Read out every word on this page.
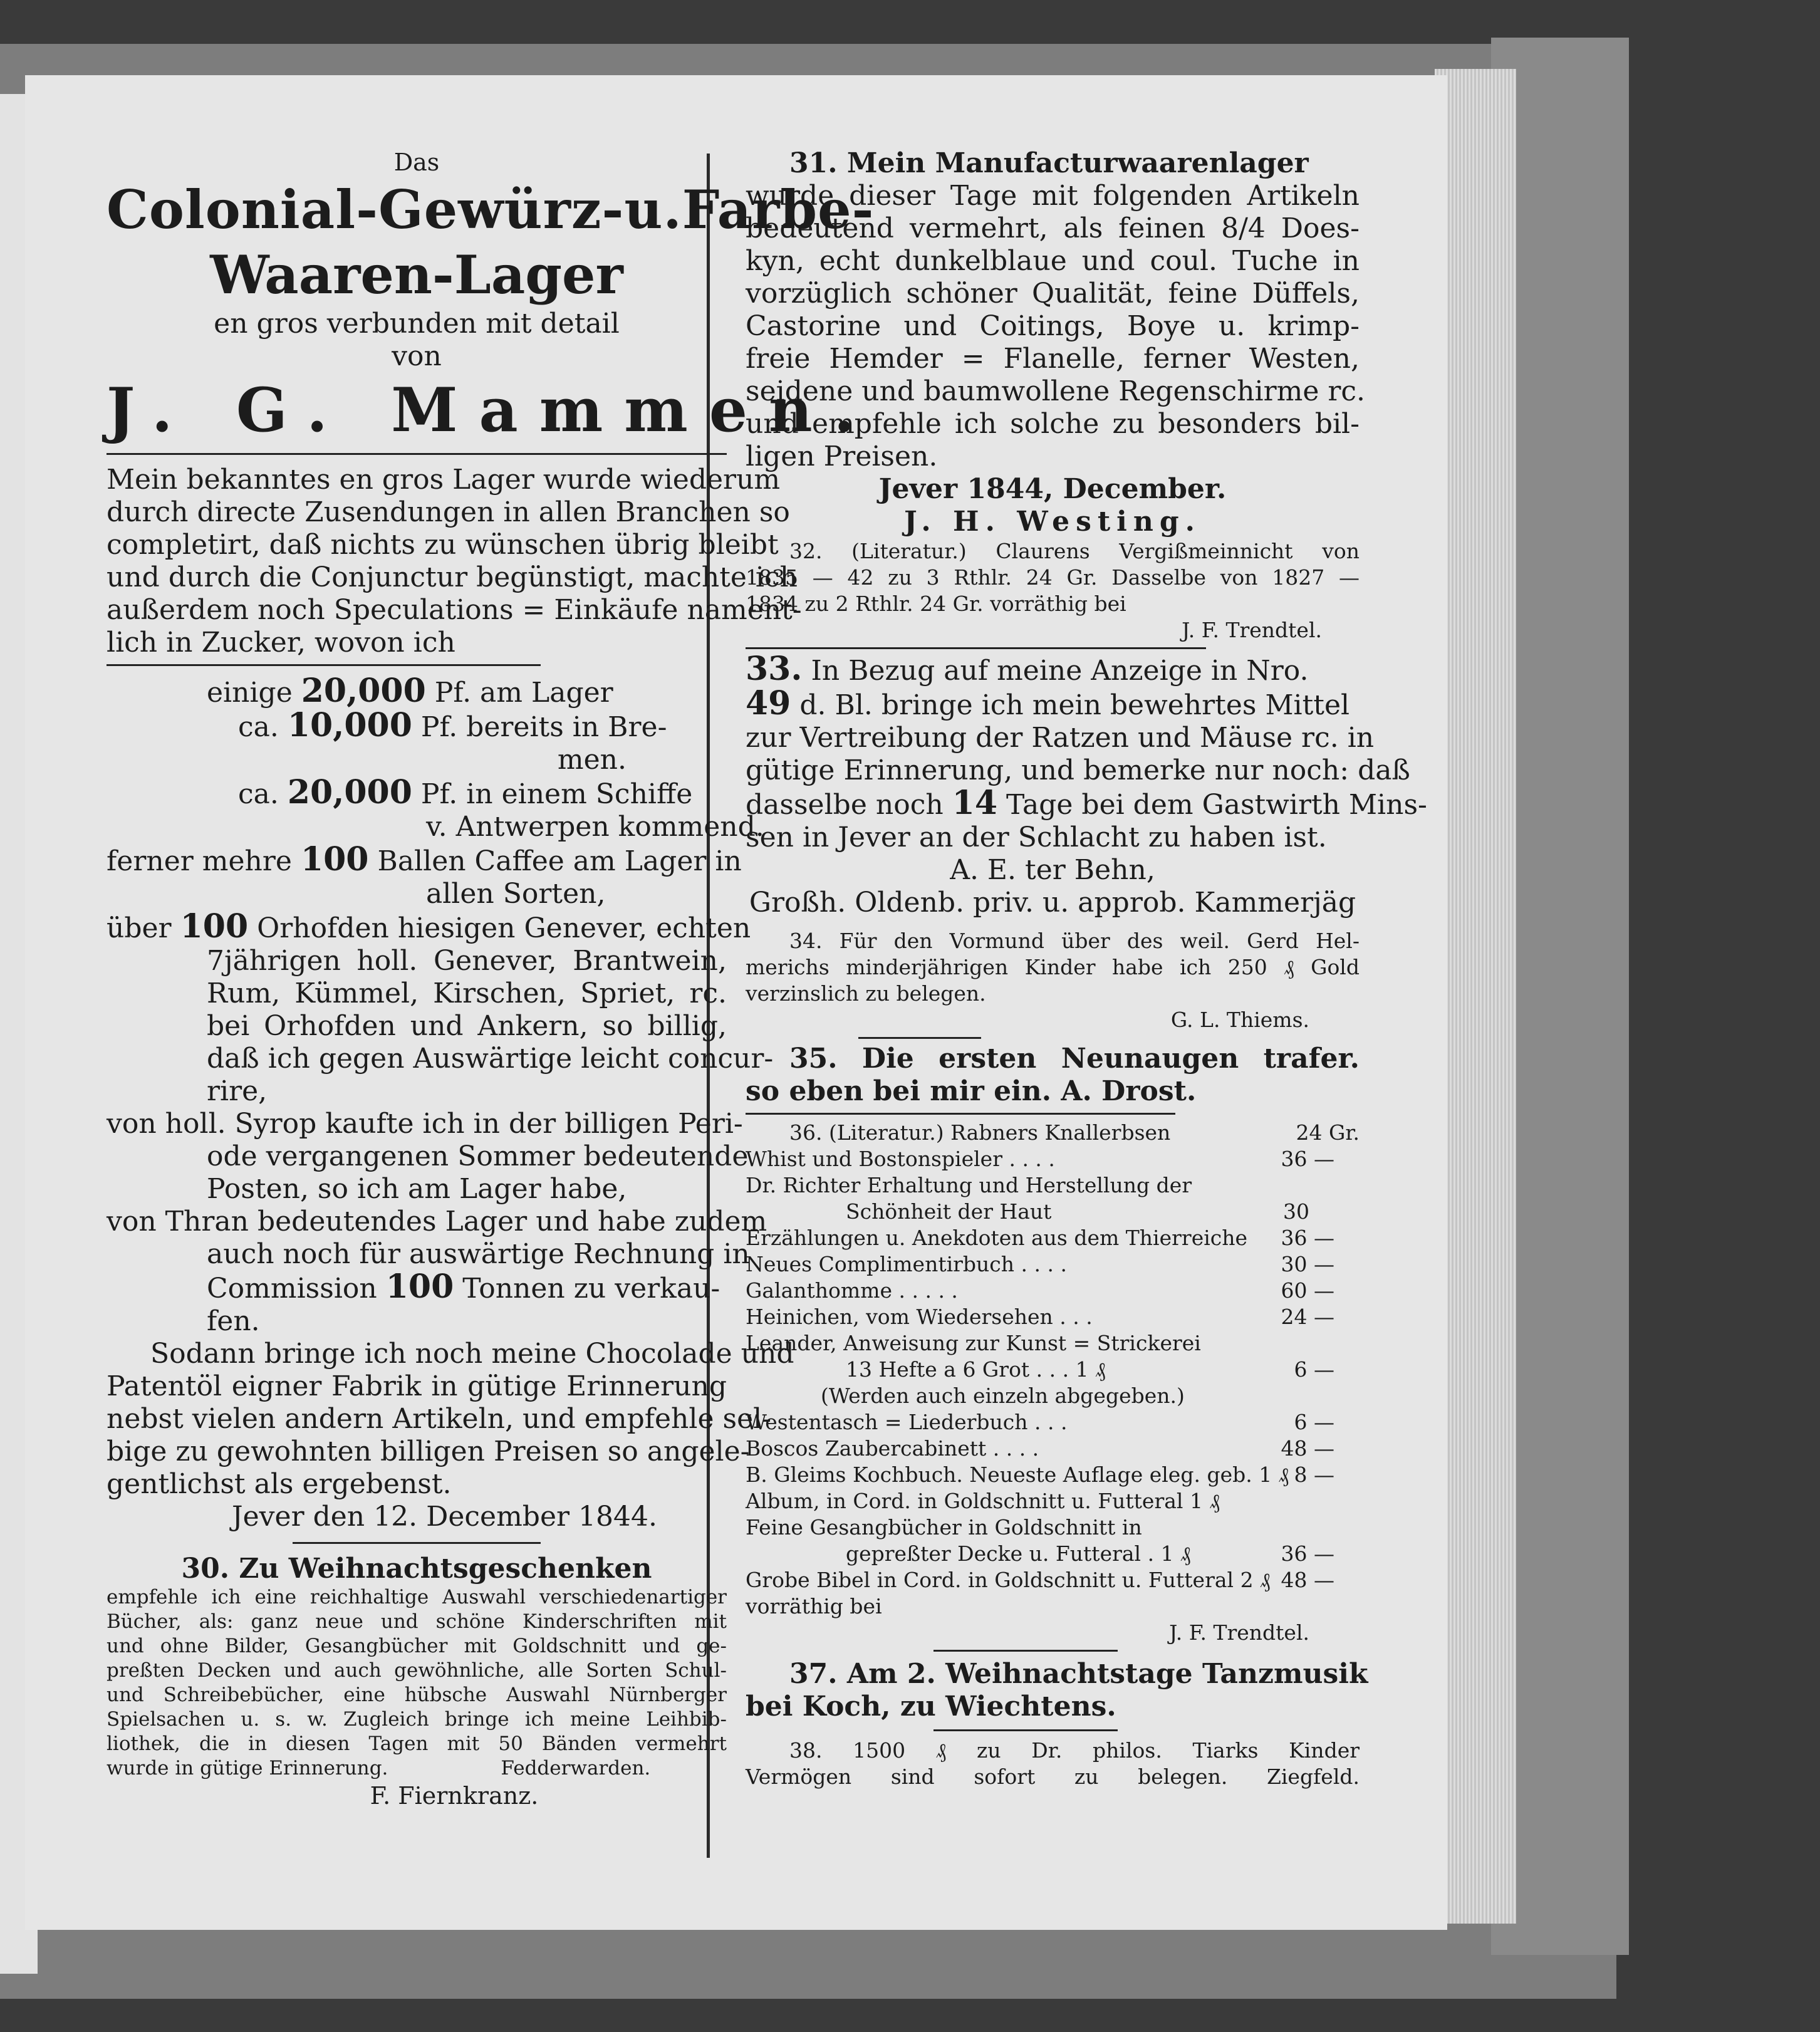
Das
Colonial-Gewürz-u.Farbe-
Waaren-Lager
en gros verbunden mit detail
von
J. G. Mammen.
Mein bekanntes en gros Lager wurde wiederum
durch directe Zusendungen in allen Branchen so
completirt, daß nichts zu wünschen übrig bleibt
und durch die Conjunctur begünstigt, machte ich
außerdem noch Speculations = Einkäufe nament-
lich in Zucker, wovon ich
einige 20,000 Pf. am Lager
ca. 10,000 Pf. bereits in Bre-
men.
ca. 20,000 Pf. in einem Schiffe
v. Antwerpen kommend.
ferner mehre 100 Ballen Caffee am Lager in
allen Sorten,
über 100 Orhofden hiesigen Genever, echten
7jährigen holl. Genever, Brantwein,
Rum, Kümmel, Kirschen, Spriet, rc.
bei Orhofden und Ankern, so billig,
daß ich gegen Auswärtige leicht concur-
rire,
von holl. Syrop kaufte ich in der billigen Peri-
ode vergangenen Sommer bedeutende
Posten, so ich am Lager habe,
von Thran bedeutendes Lager und habe zudem
auch noch für auswärtige Rechnung in
Commission 100 Tonnen zu verkau-
fen.
Sodann bringe ich noch meine Chocolade und
Patentöl eigner Fabrik in gütige Erinnerung
nebst vielen andern Artikeln, und empfehle sel-
bige zu gewohnten billigen Preisen so angele-
gentlichst als ergebenst.
Jever den 12. December 1844.
30. Zu Weihnachtsgeschenken
empfehle ich eine reichhaltige Auswahl verschiedenartiger
Bücher, als: ganz neue und schöne Kinderschriften mit
und ohne Bilder, Gesangbücher mit Goldschnitt und ge-
preßten Decken und auch gewöhnliche, alle Sorten Schul-
und Schreibebücher, eine hübsche Auswahl Nürnberger
Spielsachen u. s. w. Zugleich bringe ich meine Leihbib-
liothek, die in diesen Tagen mit 50 Bänden vermehrt
wurde in gütige Erinnerung.	Fedderwarden.
F. Fiernkranz.
31. Mein Manufacturwaarenlager
wurde dieser Tage mit folgenden Artikeln
bedeutend vermehrt, als feinen 8/4 Does-
kyn, echt dunkelblaue und coul. Tuche in
vorzüglich schöner Qualität, feine Düffels,
Castorine und Coitings, Boye u. krimp-
freie Hemder = Flanelle, ferner Westen,
seidene und baumwollene Regenschirme rc.
und empfehle ich solche zu besonders bil-
ligen Preisen.
Jever 1844, December.
J. H. Westing.
32. (Literatur.) Claurens Vergißmeinnicht von
1835 — 42 zu 3 Rthlr. 24 Gr. Dasselbe von 1827 —
1834 zu 2 Rthlr. 24 Gr. vorräthig bei
J. F. Trendtel.
33. In Bezug auf meine Anzeige in Nro.
49 d. Bl. bringe ich mein bewehrtes Mittel
zur Vertreibung der Ratzen und Mäuse rc. in
gütige Erinnerung, und bemerke nur noch: daß
dasselbe noch 14 Tage bei dem Gastwirth Mins-
sen in Jever an der Schlacht zu haben ist.
A. E. ter Behn,
Großh. Oldenb. priv. u. approb. Kammerjäg
34. Für den Vormund über des weil. Gerd Hel-
merichs minderjährigen Kinder habe ich 250 ₰ Gold
verzinslich zu belegen.
G. L. Thiems.
35. Die ersten Neunaugen trafer.
so eben bei mir ein. A. Drost.
36. (Literatur.) Rabners Knallerbsen	24 Gr.
Whist und Bostonspieler . . . .	36 —
Dr. Richter Erhaltung und Herstellung der
Schönheit der Haut	30
Erzählungen u. Anekdoten aus dem Thierreiche 36 —
Neues Complimentirbuch . . . .	30 —
Galanthomme . . . . .	60 —
Heinichen, vom Wiedersehen . . .	24 —
Leander, Anweisung zur Kunst = Strickerei
13 Hefte a 6 Grot . . . 1 ₰	6 —
(Werden auch einzeln abgegeben.)
Westentasch = Liederbuch . . .	6 —
Boscos Zaubercabinett . . . .	48 —
B. Gleims Kochbuch. Neueste Auflage eleg. geb. 1 ₰ 8 —
Album, in Cord. in Goldschnitt u. Futteral 1 ₰
Feine Gesangbücher in Goldschnitt in
gepreßter Decke u. Futteral . 1 ₰	36 —
Grobe Bibel in Cord. in Goldschnitt u. Futteral 2 ₰ 48 —
vorräthig bei
J. F. Trendtel.
37. Am 2. Weihnachtstage Tanzmusik
bei Koch, zu Wiechtens.
38. 1500 ₰ zu Dr. philos. Tiarks Kinder
Vermögen sind sofort zu belegen. Ziegfeld.
